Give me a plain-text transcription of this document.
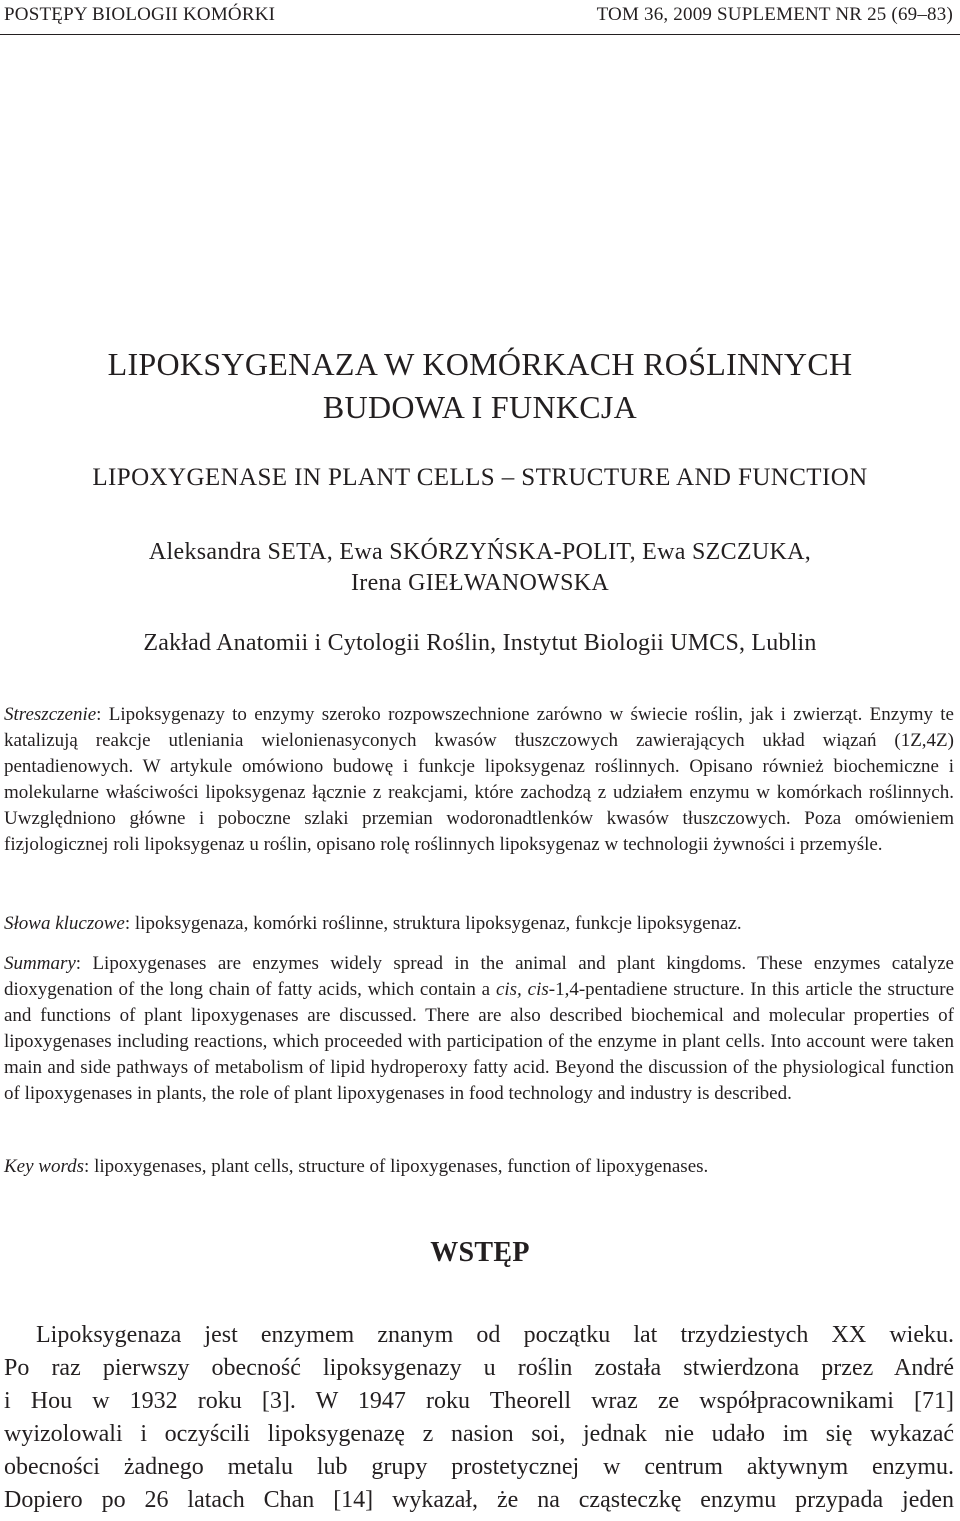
POSTĘPY BIOLOGII KOMÓRKI	TOM 36, 2009 SUPLEMENT NR 25 (69–83)
LIPOKSYGENAZA W KOMÓRKACH ROŚLINNYCH
BUDOWA I FUNKCJA
LIPOXYGENASE IN PLANT CELLS – STRUCTURE AND FUNCTION
Aleksandra SETA, Ewa SKÓRZYŃSKA-POLIT, Ewa SZCZUKA,
Irena GIEŁWANOWSKA
Zakład Anatomii i Cytologii Roślin, Instytut Biologii UMCS, Lublin

Streszczenie: Lipoksygenazy to enzymy szeroko rozpowszechnione zarówno w świecie roślin, jak i zwierząt. Enzymy te katalizują reakcje utleniania wielonienasyconych kwasów tłuszczowych zawierających układ wiązań (1Z,4Z) pentadienowych. W artykule omówiono budowę i funkcje lipoksygenaz roślinnych. Opisano również biochemiczne i molekularne właściwości lipoksygenaz łącznie z reakcjami, które zachodzą z udziałem enzymu w komórkach roślinnych. Uwzględniono główne i poboczne szlaki przemian wodoronadtlenków kwasów tłuszczowych. Poza omówieniem fizjologicznej roli lipoksygenaz u roślin, opisano rolę roślinnych lipoksygenaz w technologii żywności i przemyśle.

Słowa kluczowe: lipoksygenaza, komórki roślinne, struktura lipoksygenaz, funkcje lipoksygenaz.

Summary: Lipoxygenases are enzymes widely spread in the animal and plant kingdoms. These enzymes catalyze dioxygenation of the long chain of fatty acids, which contain a cis, cis-1,4-pentadiene structure. In this article the structure and functions of plant lipoxygenases are discussed. There are also described biochemical and molecular properties of lipoxygenases including reactions, which proceeded with participation of the enzyme in plant cells. Into account were taken main and side pathways of metabolism of lipid hydroperoxy fatty acid. Beyond the discussion of the physiological function of lipoxygenases in plants, the role of plant lipoxygenases in food technology and industry is described.

Key words: lipoxygenases, plant cells, structure of lipoxygenases, function of lipoxygenases.

WSTĘP
Lipoksygenaza jest enzymem znanym od początku lat trzydziestych XX wieku.
Po raz pierwszy obecność lipoksygenazy u roślin została stwierdzona przez André
i Hou w 1932 roku [3]. W 1947 roku Theorell wraz ze współpracownikami [71]
wyizolowali i oczyścili lipoksygenazę z nasion soi, jednak nie udało im się wykazać
obecności żadnego metalu lub grupy prostetycznej w centrum aktywnym enzymu.
Dopiero po 26 latach Chan [14] wykazał, że na cząsteczkę enzymu przypada jeden
